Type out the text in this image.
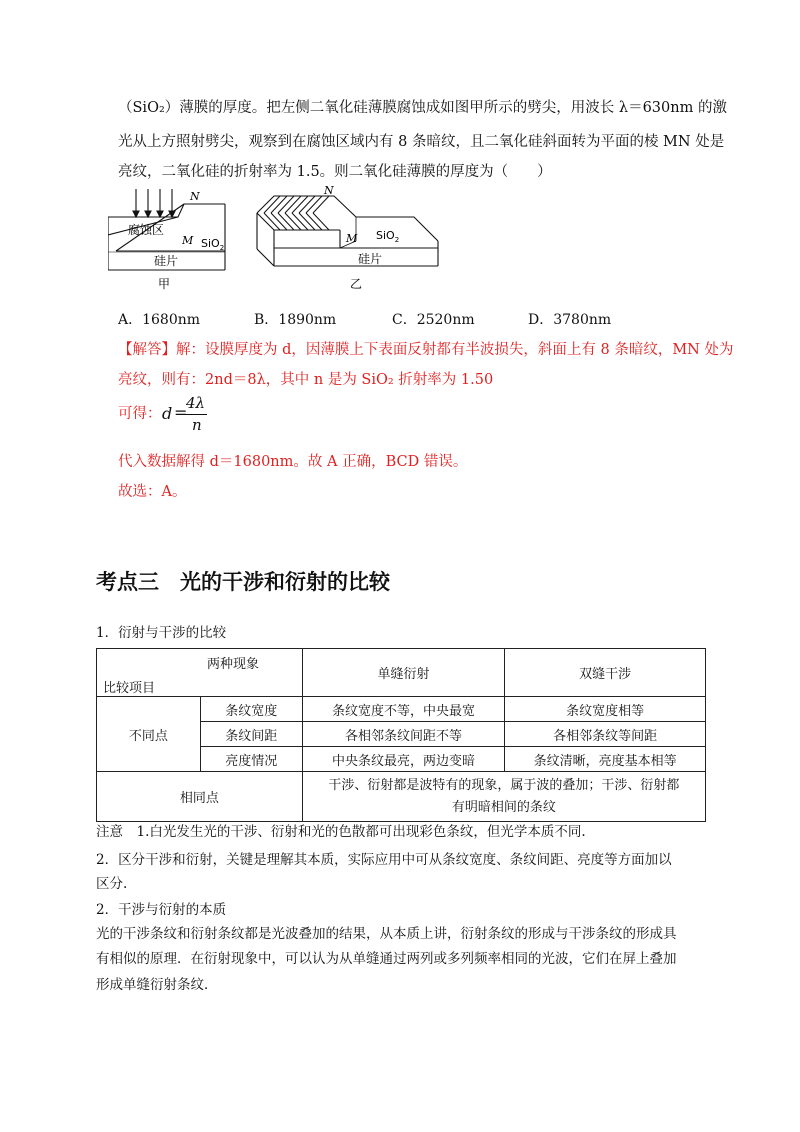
（SiO₂）薄膜的厚度。把左侧二氧化硅薄膜腐蚀成如图甲所示的劈尖，用波长 λ＝630nm 的激
光从上方照射劈尖，观察到在腐蚀区域内有 8 条暗纹，且二氧化硅斜面转为平面的棱 MN 处是
亮纹，二氧化硅的折射率为 1.5。则二氧化硅薄膜的厚度为（　　）
N
腐蚀区
M SiO$_2$
硅片
甲
N
M SiO$_2$
硅片
乙
A．1680nm	B．1890nm	C．2520nm	D．3780nm
【解答】解：设膜厚度为 d，因薄膜上下表面反射都有半波损失，斜面上有 8 条暗纹，MN 处为
亮纹，则有：2nd＝8λ，其中 n 是为 SiO₂ 折射率为 1.50
可得： d =
4λ
n
代入数据解得 d＝1680nm。故 A 正确，BCD 错误。
故选：A。
考点三　光的干涉和衍射的比较
1．衍射与干涉的比较
两种现象
比较项目		单缝衍射	双缝干涉
不同点	条纹宽度	条纹宽度不等，中央最宽	条纹宽度相等
	条纹间距	各相邻条纹间距不等	各相邻条纹等间距
	亮度情况	中央条纹最亮，两边变暗	条纹清晰，亮度基本相等
相同点		干涉、衍射都是波特有的现象，属于波的叠加；干涉、衍射都
有明暗相间的条纹	
注意　1.白光发生光的干涉、衍射和光的色散都可出现彩色条纹，但光学本质不同.
2．区分干涉和衍射，关键是理解其本质，实际应用中可从条纹宽度、条纹间距、亮度等方面加以
区分.
2．干涉与衍射的本质
光的干涉条纹和衍射条纹都是光波叠加的结果，从本质上讲，衍射条纹的形成与干涉条纹的形成具
有相似的原理．在衍射现象中，可以认为从单缝通过两列或多列频率相同的光波，它们在屏上叠加
形成单缝衍射条纹．
